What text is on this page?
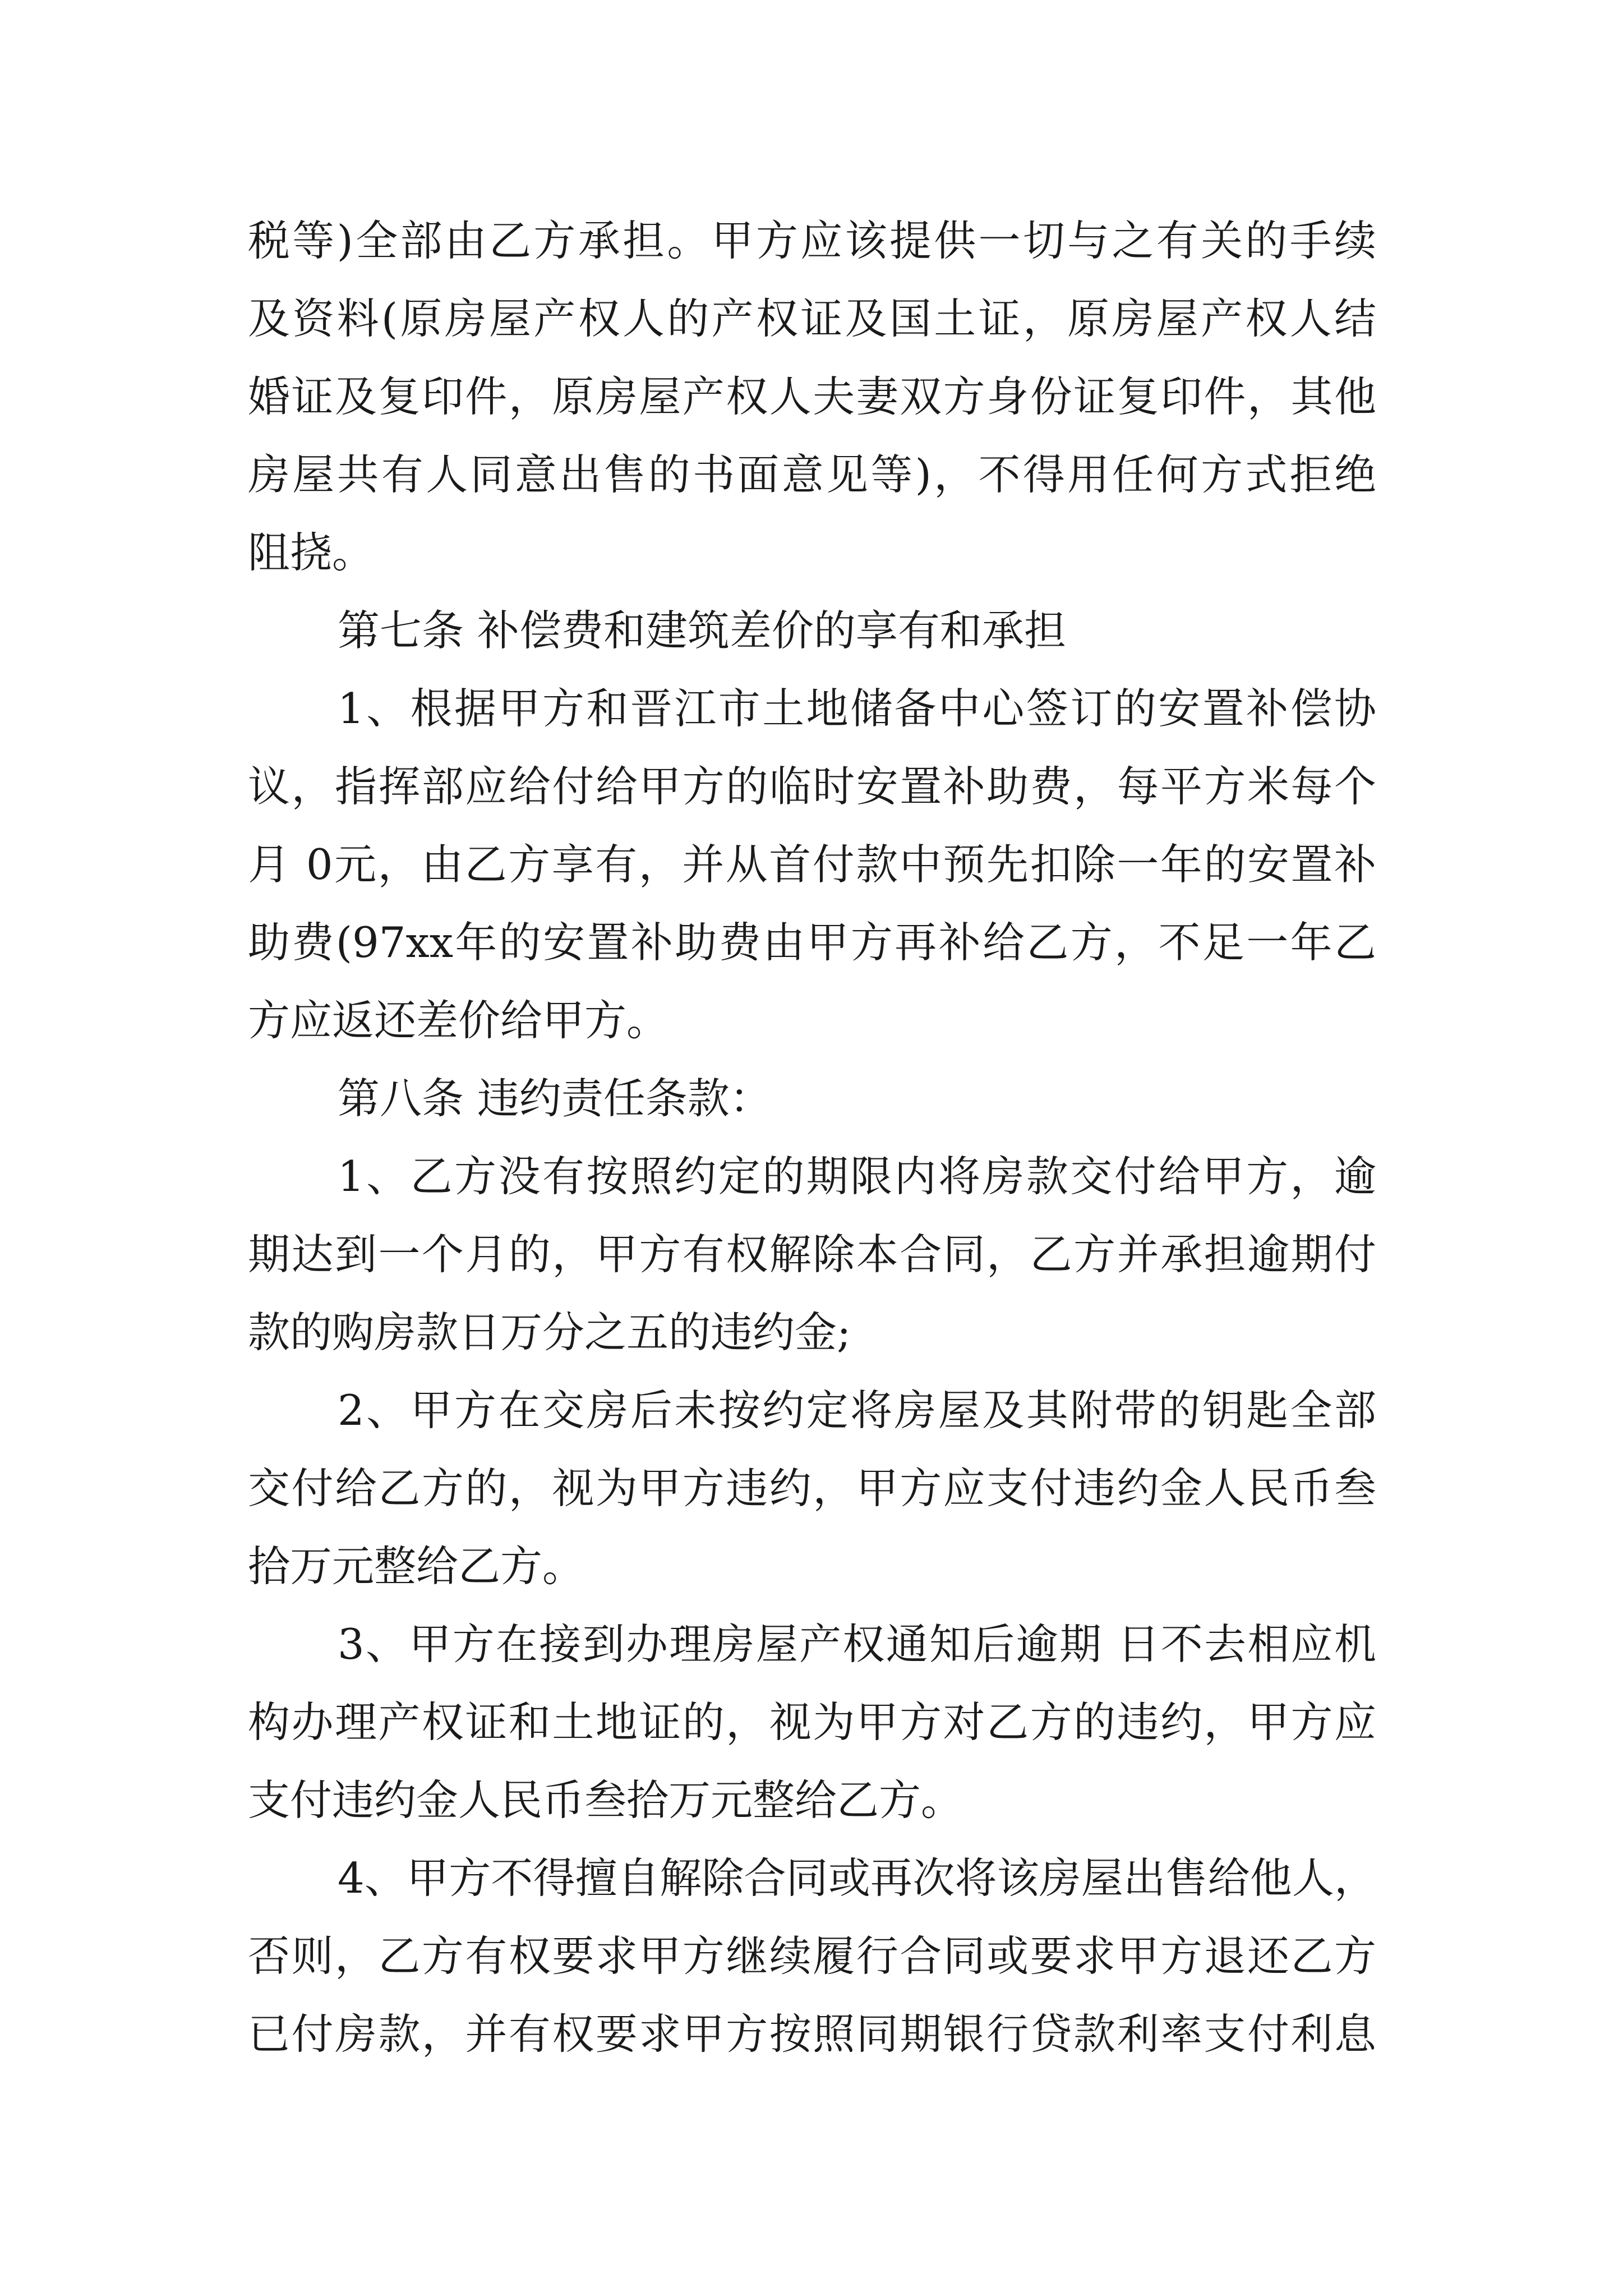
税等)全部由乙方承担。甲方应该提供一切与之有关的手续
及资料(原房屋产权人的产权证及国土证，原房屋产权人结
婚证及复印件，原房屋产权人夫妻双方身份证复印件，其他
房屋共有人同意出售的书面意见等)，不得用任何方式拒绝
阻挠。
第七条 补偿费和建筑差价的享有和承担
1、根据甲方和晋江市土地储备中心签订的安置补偿协
议，指挥部应给付给甲方的临时安置补助费，每平方米每个
月 0元，由乙方享有，并从首付款中预先扣除一年的安置补
助费(97xx年的安置补助费由甲方再补给乙方，不足一年乙
方应返还差价给甲方。
第八条 违约责任条款：
1、乙方没有按照约定的期限内将房款交付给甲方，逾
期达到一个月的，甲方有权解除本合同，乙方并承担逾期付
款的购房款日万分之五的违约金;
2、甲方在交房后未按约定将房屋及其附带的钥匙全部
交付给乙方的，视为甲方违约，甲方应支付违约金人民币叁
拾万元整给乙方。
3、甲方在接到办理房屋产权通知后逾期 日不去相应机
构办理产权证和土地证的，视为甲方对乙方的违约，甲方应
支付违约金人民币叁拾万元整给乙方。
4、甲方不得擅自解除合同或再次将该房屋出售给他人，
否则，乙方有权要求甲方继续履行合同或要求甲方退还乙方
已付房款，并有权要求甲方按照同期银行贷款利率支付利息
